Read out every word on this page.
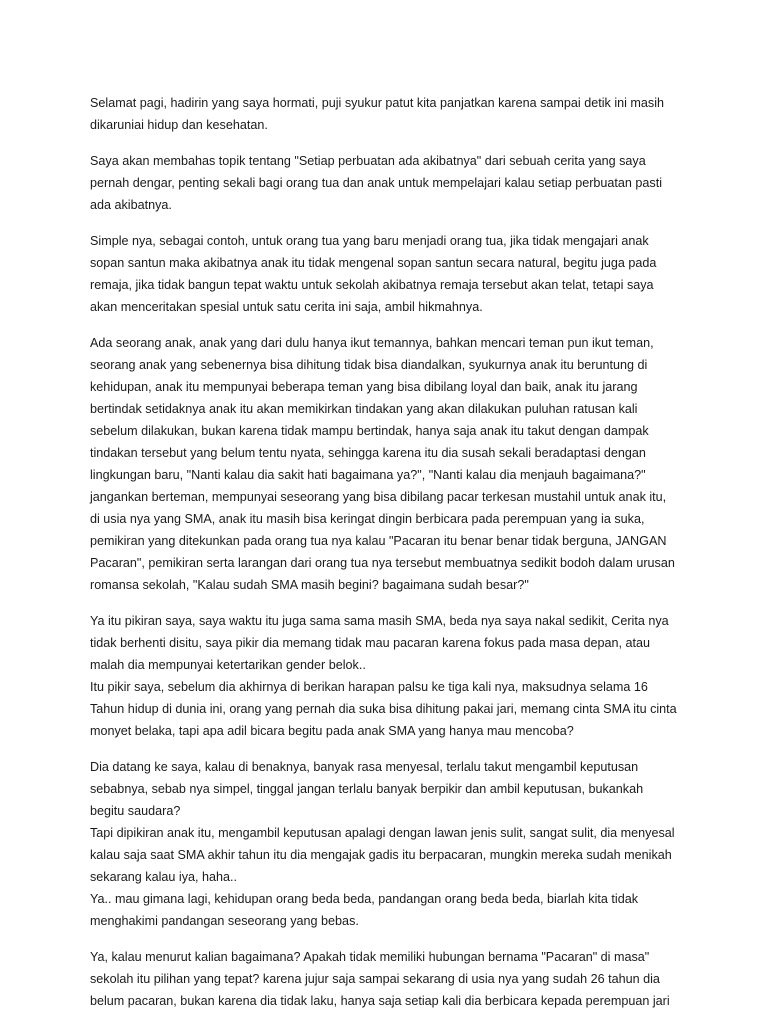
Selamat pagi, hadirin yang saya hormati, puji syukur patut kita panjatkan karena sampai detik ini masih
dikaruniai hidup dan kesehatan.
Saya akan membahas topik tentang "Setiap perbuatan ada akibatnya" dari sebuah cerita yang saya
pernah dengar, penting sekali bagi orang tua dan anak untuk mempelajari kalau setiap perbuatan pasti
ada akibatnya.
Simple nya, sebagai contoh, untuk orang tua yang baru menjadi orang tua, jika tidak mengajari anak
sopan santun maka akibatnya anak itu tidak mengenal sopan santun secara natural, begitu juga pada
remaja, jika tidak bangun tepat waktu untuk sekolah akibatnya remaja tersebut akan telat, tetapi saya
akan menceritakan spesial untuk satu cerita ini saja, ambil hikmahnya.
Ada seorang anak, anak yang dari dulu hanya ikut temannya, bahkan mencari teman pun ikut teman,
seorang anak yang sebenernya bisa dihitung tidak bisa diandalkan, syukurnya anak itu beruntung di
kehidupan, anak itu mempunyai beberapa teman yang bisa dibilang loyal dan baik, anak itu jarang
bertindak setidaknya anak itu akan memikirkan tindakan yang akan dilakukan puluhan ratusan kali
sebelum dilakukan, bukan karena tidak mampu bertindak, hanya saja anak itu takut dengan dampak
tindakan tersebut yang belum tentu nyata, sehingga karena itu dia susah sekali beradaptasi dengan
lingkungan baru, "Nanti kalau dia sakit hati bagaimana ya?", "Nanti kalau dia menjauh bagaimana?"
jangankan berteman, mempunyai seseorang yang bisa dibilang pacar terkesan mustahil untuk anak itu,
di usia nya yang SMA, anak itu masih bisa keringat dingin berbicara pada perempuan yang ia suka,
pemikiran yang ditekunkan pada orang tua nya kalau "Pacaran itu benar benar tidak berguna, JANGAN
Pacaran", pemikiran serta larangan dari orang tua nya tersebut membuatnya sedikit bodoh dalam urusan
romansa sekolah, "Kalau sudah SMA masih begini? bagaimana sudah besar?"
Ya itu pikiran saya, saya waktu itu juga sama sama masih SMA, beda nya saya nakal sedikit, Cerita nya
tidak berhenti disitu, saya pikir dia memang tidak mau pacaran karena fokus pada masa depan, atau
malah dia mempunyai ketertarikan gender belok..
Itu pikir saya, sebelum dia akhirnya di berikan harapan palsu ke tiga kali nya, maksudnya selama 16
Tahun hidup di dunia ini, orang yang pernah dia suka bisa dihitung pakai jari, memang cinta SMA itu cinta
monyet belaka, tapi apa adil bicara begitu pada anak SMA yang hanya mau mencoba?
Dia datang ke saya, kalau di benaknya, banyak rasa menyesal, terlalu takut mengambil keputusan
sebabnya, sebab nya simpel, tinggal jangan terlalu banyak berpikir dan ambil keputusan, bukankah
begitu saudara?
Tapi dipikiran anak itu, mengambil keputusan apalagi dengan lawan jenis sulit, sangat sulit, dia menyesal
kalau saja saat SMA akhir tahun itu dia mengajak gadis itu berpacaran, mungkin mereka sudah menikah
sekarang kalau iya, haha..
Ya.. mau gimana lagi, kehidupan orang beda beda, pandangan orang beda beda, biarlah kita tidak
menghakimi pandangan seseorang yang bebas.
Ya, kalau menurut kalian bagaimana? Apakah tidak memiliki hubungan bernama "Pacaran" di masa"
sekolah itu pilihan yang tepat? karena jujur saja sampai sekarang di usia nya yang sudah 26 tahun dia
belum pacaran, bukan karena dia tidak laku, hanya saja setiap kali dia berbicara kepada perempuan jari
